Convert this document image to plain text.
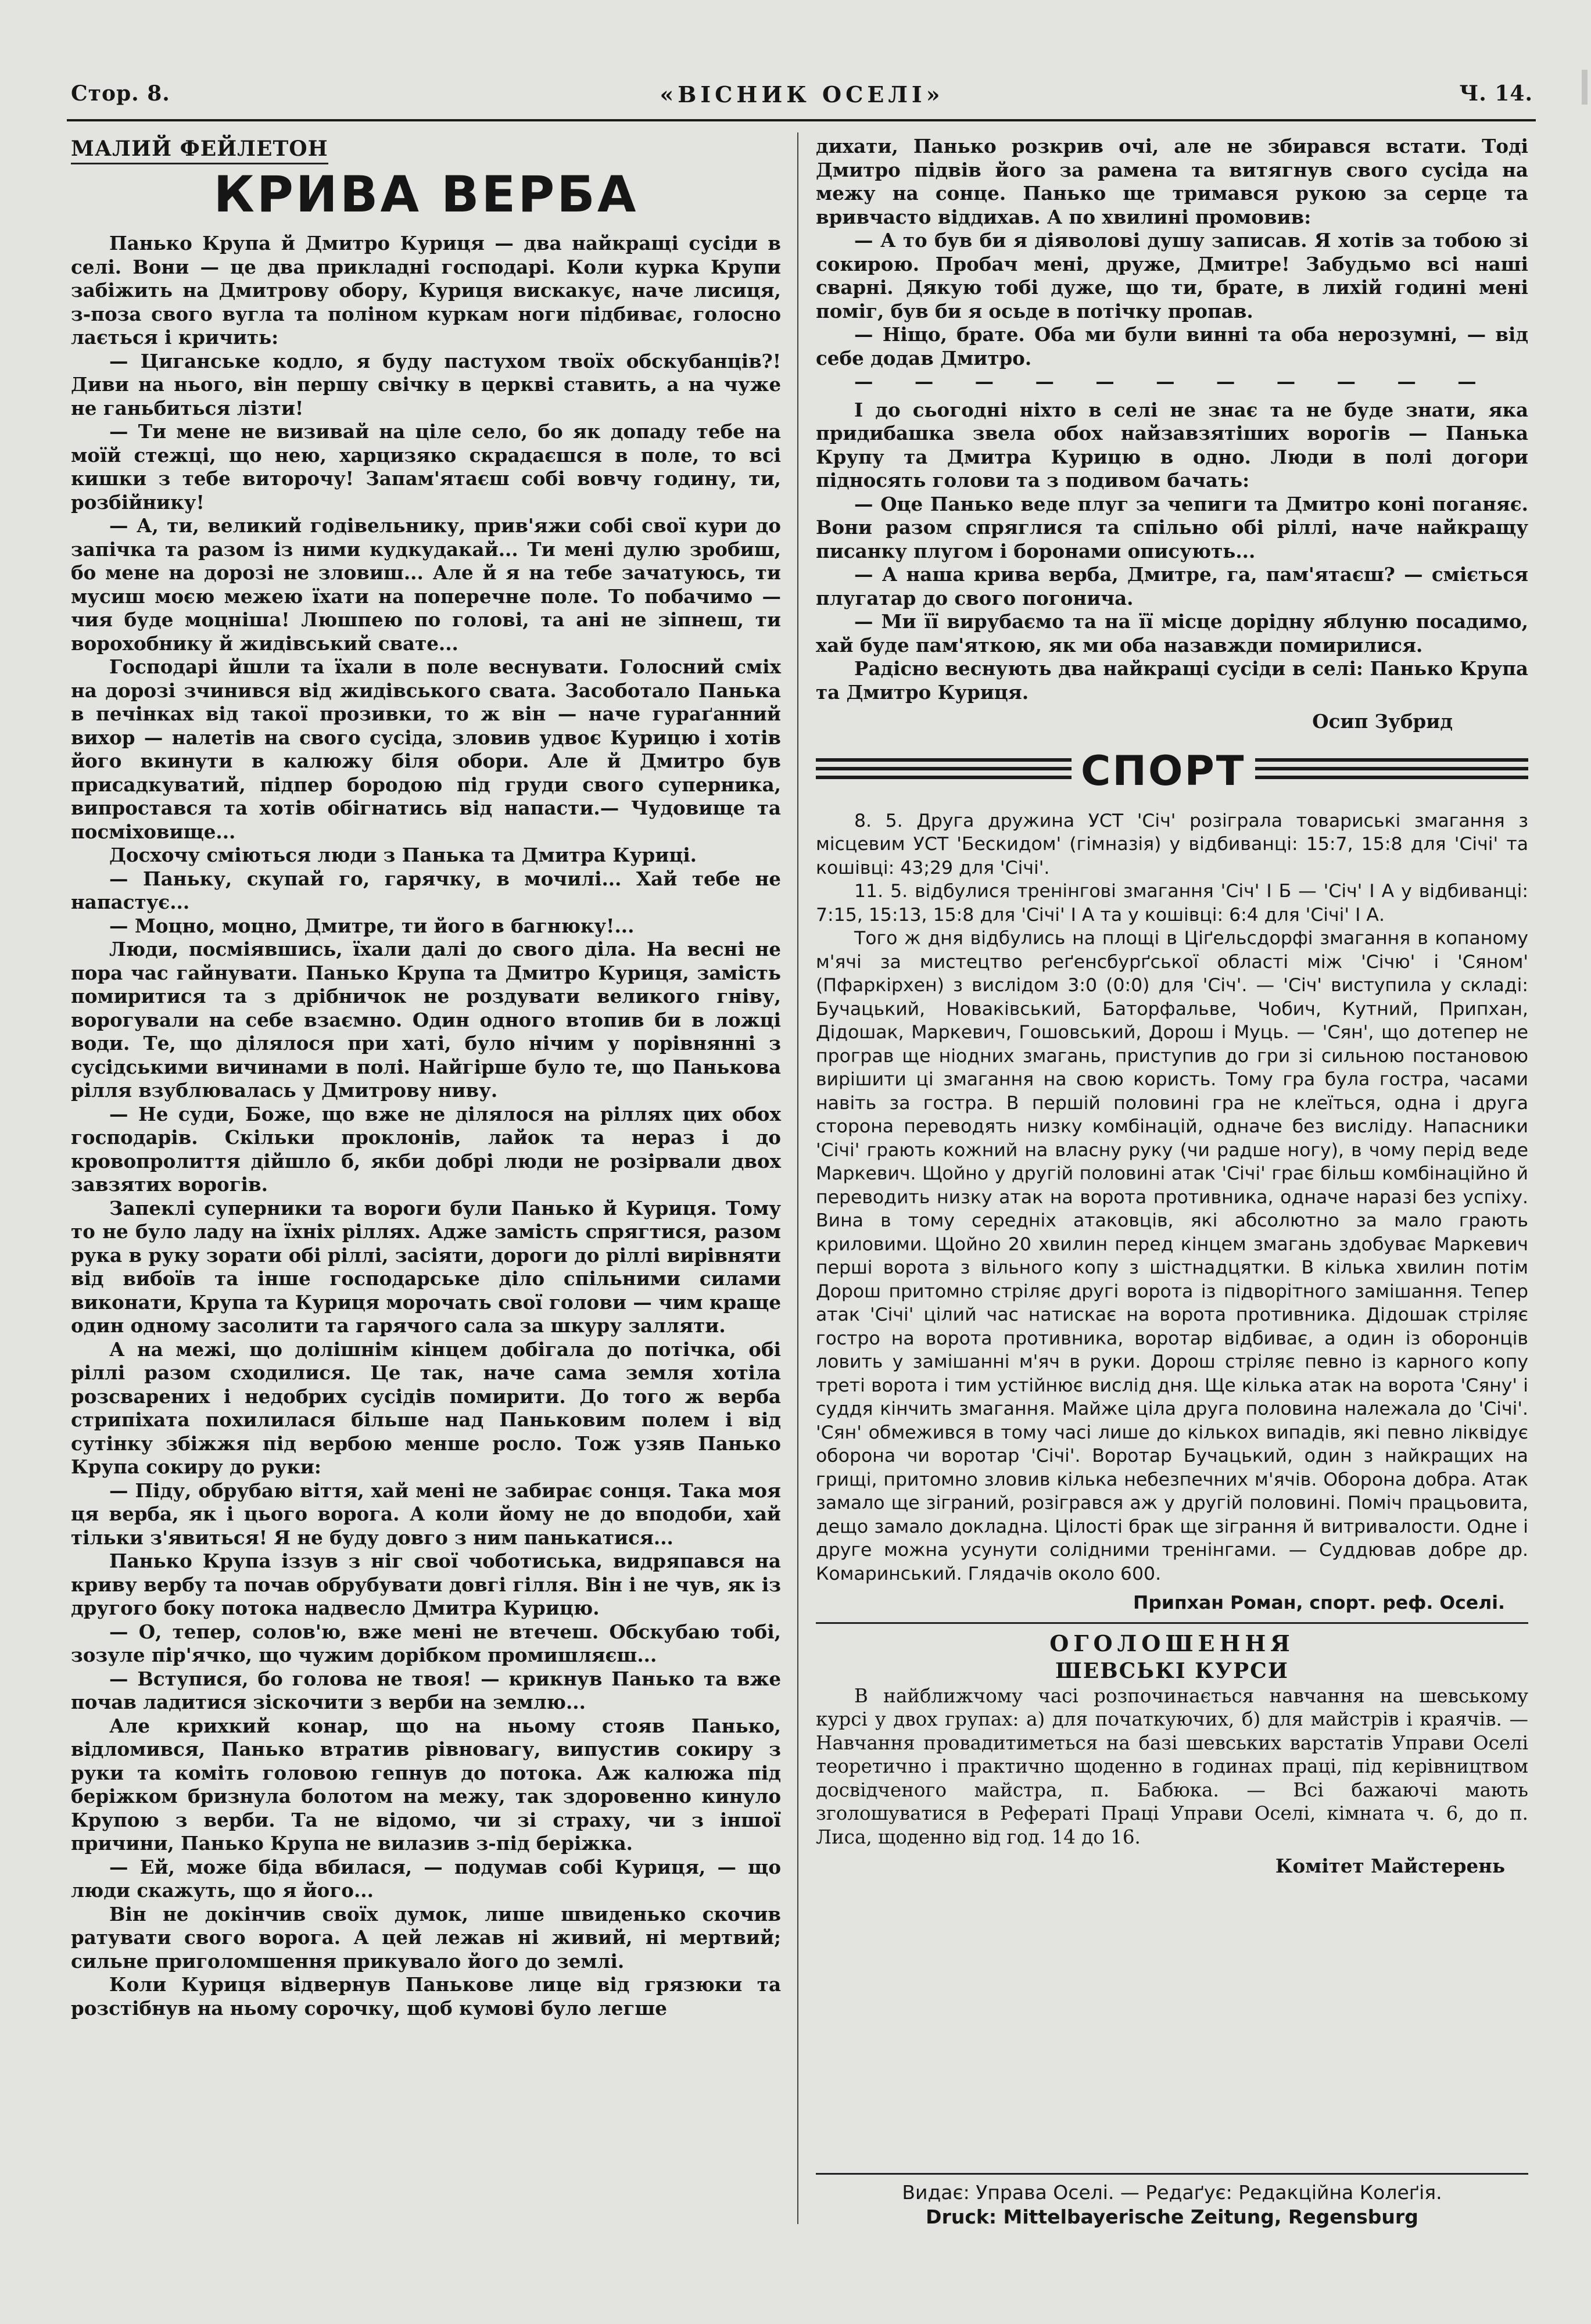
Стор. 8.	«ВІСНИК ОСЕЛІ»	Ч. 14.
МАЛИЙ ФЕЙЛЕТОН
КРИВА ВЕРБА

Панько Крупа й Дмитро Куриця — два найкращі сусіди в селі. Вони — це два прикладні господарі. Коли курка Крупи забіжить на Дмитрову обору, Куриця вискакує, наче лисиця, з-поза свого вугла та поліном куркам ноги підбиває, голосно лається і кричить:

— Циганське кодло, я буду пастухом твоїх обскубанців?! Диви на нього, він першу свічку в церкві ставить, а на чуже не ганьбиться лізти!

— Ти мене не визивай на ціле село, бо як допаду тебе на моїй стежці, що нею, харцизяко скрадаєшся в поле, то всі кишки з тебе виторочу! Запам'ятаєш собі вовчу годину, ти, розбійнику!

— А, ти, великий годівельнику, прив'яжи собі свої кури до запічка та разом із ними кудкудакай... Ти мені дулю зробиш, бо мене на дорозі не зловиш... Але й я на тебе зачатуюсь, ти мусиш моєю межею їхати на поперечне поле. То побачимо — чия буде моцніша! Люшпею по голові, та ані не зіпнеш, ти ворохобнику й жидівський свате...

Господарі йшли та їхали в поле веснувати. Голосний сміх на дорозі зчинився від жидівського свата. Засоботало Панька в печінках від такої прозивки, то ж він — наче гураґанний вихор — налетів на свого сусіда, зловив удвоє Курицю і хотів його вкинути в калюжу біля обори. Але й Дмитро був присадкуватий, підпер бородою під груди свого суперника, випростався та хотів обігнатись від напасти.— Чудовище та посміховище...

Досхочу сміються люди з Панька та Дмитра Куриці.

— Паньку, скупай го, гарячку, в мочилі... Хай тебе не напастує...

— Моцно, моцно, Дмитре, ти його в багнюку!...

Люди, посміявшись, їхали далі до свого діла. На весні не пора час гайнувати. Панько Крупа та Дмитро Куриця, замість помиритися та з дрібничок не роздувати великого гніву, ворогували на себе взаємно. Один одного втопив би в ложці води. Те, що ділялося при хаті, було нічим у порівнянні з сусідськими вичинами в полі. Найгірше було те, що Паньковa рілля взублювалась у Дмитрову ниву.

— Не суди, Боже, що вже не ділялося на ріллях цих обох господарів. Скільки проклонів, лайок та нераз і до кровопролиття дійшло б, якби добрі люди не розірвали двох завзятих ворогів.

Запеклі суперники та вороги були Панько й Куриця. Тому то не було ладу на їхніх ріллях. Адже замість спрягтися, разом рука в руку зорати обі ріллі, засіяти, дороги до ріллі вирівняти від вибоїв та інше господарське діло спільними силами виконати, Крупа та Куриця морочать свої голови — чим краще один одному засолити та гарячого сала за шкуру залляти.

А на межі, що долішнім кінцем добігала до потічка, обі ріллі разом сходилися. Це так, наче сама земля хотіла розсварених і недобрих сусідів помирити. До того ж верба стрипіхата похилилася більше над Паньковим полем і від сутінку збіжжя під вербою менше росло. Тож узяв Панько Крупа сокиру до руки:

— Піду, обрубаю віття, хай мені не забирає сонця. Така моя ця верба, як і цього ворога. А коли йому не до вподоби, хай тільки з'явиться! Я не буду довго з ним панькатися...

Панько Крупа іззув з ніг свої чоботиська, видряпався на криву вербу та почав обрубувати довгі гілля. Він і не чув, як із другого боку потока надвесло Дмитра Курицю.

— О, тепер, солов'ю, вже мені не втечеш. Обскубаю тобі, зозуле пір'ячко, що чужим дорібком промишляєш...

— Вступися, бо голова не твоя! — крикнув Панько та вже почав ладитися зіскочити з верби на землю...

Але крихкий конар, що на ньому стояв Панько, відломився, Панько втратив рівновагу, випустив сокиру з руки та коміть головою гепнув до потока. Аж калюжа під беріжком бризнула болотом на межу, так здоровенно кинуло Крупою з верби. Та не відомо, чи зі страху, чи з іншої причини, Панько Крупа не вилазив з-під беріжка.

— Ей, може біда вбилася, — подумав собі Куриця, — що люди скажуть, що я його...

Він не докінчив своїх думок, лише швиденько скочив ратувати свого ворога. А цей лежав ні живий, ні мертвий; сильне приголомшення прикувало його до землі.

Коли Куриця відвернув Паньковe лице від грязюки та розстібнув на ньому сорочку, щоб кумові було легше

дихати, Панько розкрив очі, але не збирався встати. Тоді Дмитро підвів його за рамена та витягнув свого сусіда на межу на сонце. Панько ще тримався рукою за серце та вривчасто віддихав. А по хвилині промовив:

— А то був би я діяволові душу записав. Я хотів за тобою зі сокирою. Пробач мені, друже, Дмитре! Забудьмо всі наші сварні. Дякую тобі дуже, що ти, брате, в лихій годині мені поміг, був би я осьде в потічку пропав.

— Ніщо, брате. Оба ми були винні та оба нерозумні, — від себе додав Дмитро.

— — — — — — — — — — —

І до сьогодні ніхто в селі не знає та не буде знати, яка придибашка звела обох найзавзятіших ворогів — Панька Крупу та Дмитра Курицю в одно. Люди в полі догори підносять голови та з подивом бачать:

— Оце Панько веде плуг за чепиги та Дмитро коні поганяє. Вони разом спряглися та спільно обі ріллі, наче найкращу писанку плугом і боронами описують...

— А наша крива верба, Дмитре, га, пам'ятаєш? — сміється плугатар до свого погонича.

— Ми її вирубаємо та на її місце дорідну яблуню посадимо, хай буде пам'яткою, як ми оба назавжди помирилися.

Радісно веснують два найкращі сусіди в селі: Панько Крупа та Дмитро Куриця.

Осип Зубрид

СПОРТ

8. 5. Друга дружина УСТ 'Січ' розіграла товариські змагання з місцевим УСТ 'Бескидом' (гімназія) у відбиванці: 15:7, 15:8 для 'Січі' та кошівці: 43;29 для 'Січі'.

11. 5. відбулися тренінгові змагання 'Січ' І Б — 'Січ' І А у відбиванці: 7:15, 15:13, 15:8 для 'Січі' І А та у кошівці: 6:4 для 'Січі' І А.

Того ж дня відбулись на площі в Ціґельсдорфі змагання в копаному м'ячі за мистецтво реґенсбурґської області між 'Січю' і 'Сяном' (Пфаркірхен) з вислідом 3:0 (0:0) для 'Січ'. — 'Січ' виступила у складі: Бучацький, Новаківський, Баторфальве, Чобич, Кутний, Припхан, Дідошак, Маркевич, Гошовський, Дорош і Муць. — 'Сян', що дотепер не програв ще ніодних змагань, приступив до гри зі сильною постановою вирішити ці змагання на свою користь. Тому гра була гостра, часами навіть за гостра. В першій половині гра не клеїться, одна і друга сторона переводять низку комбінацій, одначе без висліду. Напасники 'Січі' грають кожний на власну руку (чи радше ногу), в чому перід веде Маркевич. Щойно у другій половині атак 'Січі' грає більш комбінаційно й переводить низку атак на ворота противника, одначе наразі без успіху. Вина в тому середніх атаковців, які абсолютно за мало грають криловими. Щойно 20 хвилин перед кінцем змагань здобуває Маркевич перші ворота з вільного копу з шістнадцятки. В кілька хвилин потім Дорош притомно стріляє другі ворота із підворітного замішання. Тепер атак 'Січі' цілий час натискає на ворота противника. Дідошак стріляє гостро на ворота противника, воротар відбиває, а один із оборонців ловить у замішанні м'яч в руки. Дорош стріляє певно із карного копу треті ворота і тим устійнює вислід дня. Ще кілька атак на ворота 'Сяну' і суддя кінчить змагання. Майже ціла друга половина належала до 'Січі'. 'Сян' обмежився в тому часі лише до кількох випадів, які певно ліквідує оборона чи воротар 'Січі'. Воротар Бучацький, один з найкращих на грищі, притомно зловив кілька небезпечних м'ячів. Оборона добра. Атак замало ще зіграний, розігрався аж у другій половині. Поміч працьовита, дещо замало докладна. Цілості брак ще зіграння й витривалости. Одне і друге можна усунути солідними тренінгами. — Суддював добре др. Комаринський. Глядачів около 600.

Припхан Роман, спорт. реф. Оселі.

ОГОЛОШЕННЯ

ШЕВСЬКІ КУРСИ

В найближчому часі розпочинається навчання на шевському курсі у двох групах: а) для початкуючих, б) для майстрів і краячів. — Навчання провадитиметься на базі шевських варстатів Управи Оселі теоретично і практично щоденно в годинах праці, під керівництвом досвідченого майстра, п. Бабюка. — Всі бажаючі мають зголошуватися в Рефераті Праці Управи Оселі, кімната ч. 6, до п. Лиса, щоденно від год. 14 до 16.

Комітет Майстерень

Видає: Управа Оселі. — Редаґує: Редакційна Колеґія.
Druck: Mittelbayerische Zeitung, Regensburg
